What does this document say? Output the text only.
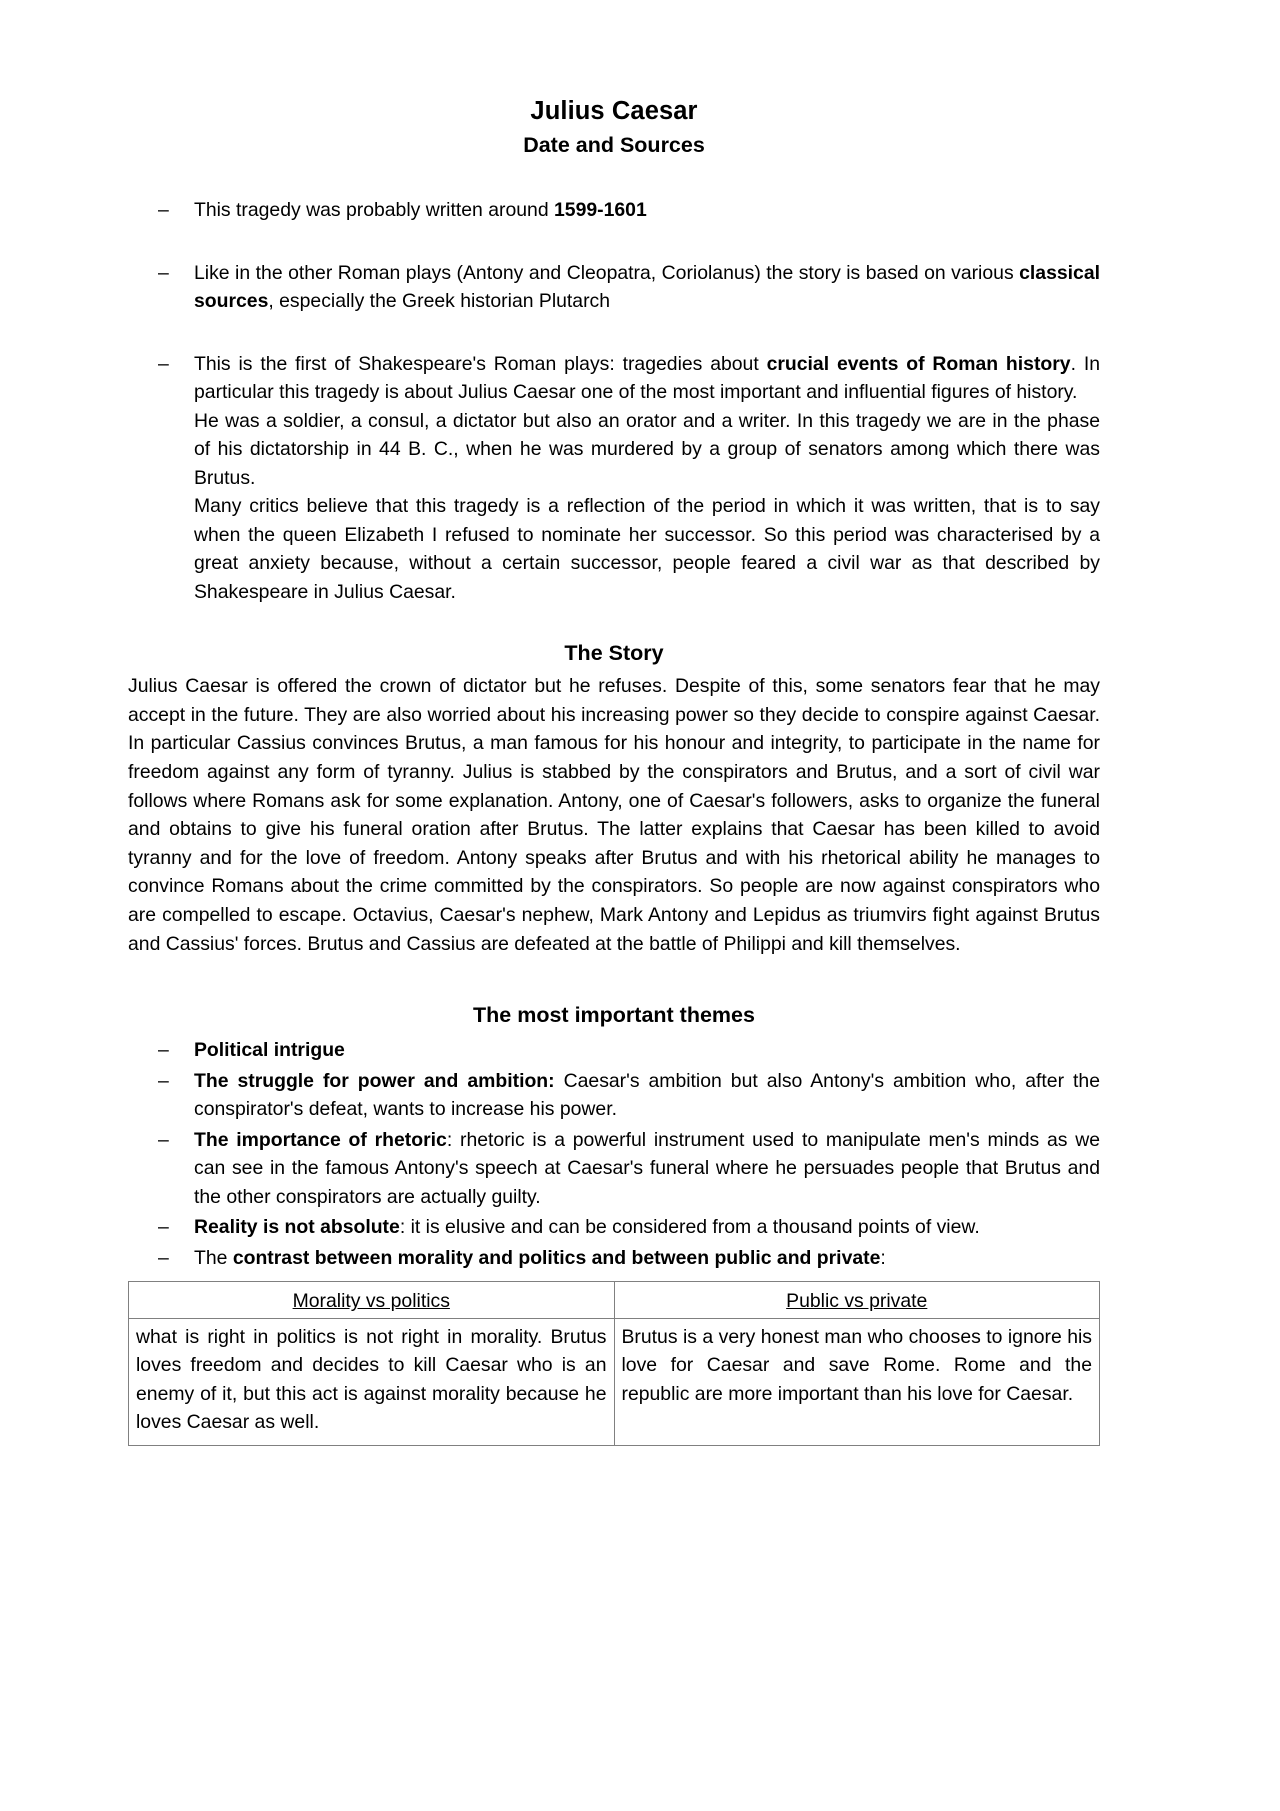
Julius Caesar
Date and Sources
– This tragedy was probably written around 1599-1601
– Like in the other Roman plays (Antony and Cleopatra, Coriolanus) the story is based on various classical sources, especially the Greek historian Plutarch
– This is the first of Shakespeare's Roman plays: tragedies about crucial events of Roman history. In particular this tragedy is about Julius Caesar one of the most important and influential figures of history.
He was a soldier, a consul, a dictator but also an orator and a writer. In this tragedy we are in the phase of his dictatorship in 44 B. C., when he was murdered by a group of senators among which there was Brutus.
Many critics believe that this tragedy is a reflection of the period in which it was written, that is to say when the queen Elizabeth I refused to nominate her successor. So this period was characterised by a great anxiety because, without a certain successor, people feared a civil war as that described by Shakespeare in Julius Caesar.
The Story

Julius Caesar is offered the crown of dictator but he refuses. Despite of this, some senators fear that he may accept in the future. They are also worried about his increasing power so they decide to conspire against Caesar. In particular Cassius convinces Brutus, a man famous for his honour and integrity, to participate in the name for freedom against any form of tyranny. Julius is stabbed by the conspirators and Brutus, and a sort of civil war follows where Romans ask for some explanation. Antony, one of Caesar's followers, asks to organize the funeral and obtains to give his funeral oration after Brutus. The latter explains that Caesar has been killed to avoid tyranny and for the love of freedom. Antony speaks after Brutus and with his rhetorical ability he manages to convince Romans about the crime committed by the conspirators. So people are now against conspirators who are compelled to escape. Octavius, Caesar's nephew, Mark Antony and Lepidus as triumvirs fight against Brutus and Cassius' forces. Brutus and Cassius are defeated at the battle of Philippi and kill themselves.

The most important themes
– Political intrigue
– The struggle for power and ambition: Caesar's ambition but also Antony's ambition who, after the conspirator's defeat, wants to increase his power.
– The importance of rhetoric: rhetoric is a powerful instrument used to manipulate men's minds as we can see in the famous Antony's speech at Caesar's funeral where he persuades people that Brutus and the other conspirators are actually guilty.
– Reality is not absolute: it is elusive and can be considered from a thousand points of view.
– The contrast between morality and politics and between public and private:
Morality vs politics	Public vs private
what is right in politics is not right in morality. Brutus loves freedom and decides to kill Caesar who is an enemy of it, but this act is against morality because he loves Caesar as well.	Brutus is a very honest man who chooses to ignore his love for Caesar and save Rome. Rome and the republic are more important than his love for Caesar.
